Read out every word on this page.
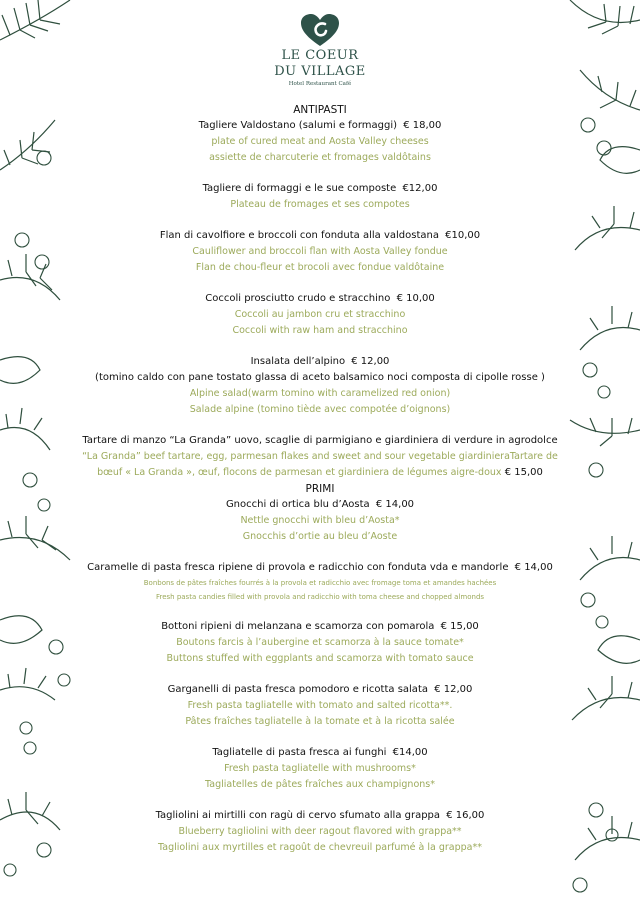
LE COEUR
DU VILLAGE
Hotel Restaurant Café
ANTIPASTI
Tagliere Valdostano (salumi e formaggi) € 18,00
plate of cured meat and Aosta Valley cheeses
assiette de charcuterie et fromages valdôtains
Tagliere di formaggi e le sue composte €12,00
Plateau de fromages et ses compotes
Flan di cavolfiore e broccoli con fonduta alla valdostana €10,00
Cauliflower and broccoli flan with Aosta Valley fondue
Flan de chou-fleur et brocoli avec fondue valdôtaine
Coccoli prosciutto crudo e stracchino € 10,00
Coccoli au jambon cru et stracchino
Coccoli with raw ham and stracchino
Insalata dell’alpino € 12,00
(tomino caldo con pane tostato glassa di aceto balsamico noci composta di cipolle rosse )
Alpine salad(warm tomino with caramelized red onion)
Salade alpine (tomino tiède avec compotée d’oignons)
Tartare di manzo “La Granda” uovo, scaglie di parmigiano e giardiniera di verdure in agrodolce “La Granda” beef tartare, egg, parmesan flakes and sweet and sour vegetable giardinieraTartare de bœuf « La Granda », œuf, flocons de parmesan et giardiniera de légumes aigre-doux € 15,00
PRIMI
Gnocchi di ortica blu d’Aosta € 14,00
Nettle gnocchi with bleu d’Aosta*
Gnocchis d’ortie au bleu d’Aoste
Caramelle di pasta fresca ripiene di provola e radicchio con fonduta vda e mandorle € 14,00
Bonbons de pâtes fraîches fourrés à la provola et radicchio avec fromage toma et amandes hachées
Fresh pasta candies filled with provola and radicchio with toma cheese and chopped almonds
Bottoni ripieni di melanzana e scamorza con pomarola € 15,00
Boutons farcis à l’aubergine et scamorza à la sauce tomate*
Buttons stuffed with eggplants and scamorza with tomato sauce
Garganelli di pasta fresca pomodoro e ricotta salata € 12,00
Fresh pasta tagliatelle with tomato and salted ricotta**.
Pâtes fraîches tagliatelle à la tomate et à la ricotta salée
Tagliatelle di pasta fresca ai funghi €14,00
Fresh pasta tagliatelle with mushrooms*
Tagliatelles de pâtes fraîches aux champignons*
Tagliolini ai mirtilli con ragù di cervo sfumato alla grappa € 16,00
Blueberry tagliolini with deer ragout flavored with grappa**
Tagliolini aux myrtilles et ragoût de chevreuil parfumé à la grappa**
